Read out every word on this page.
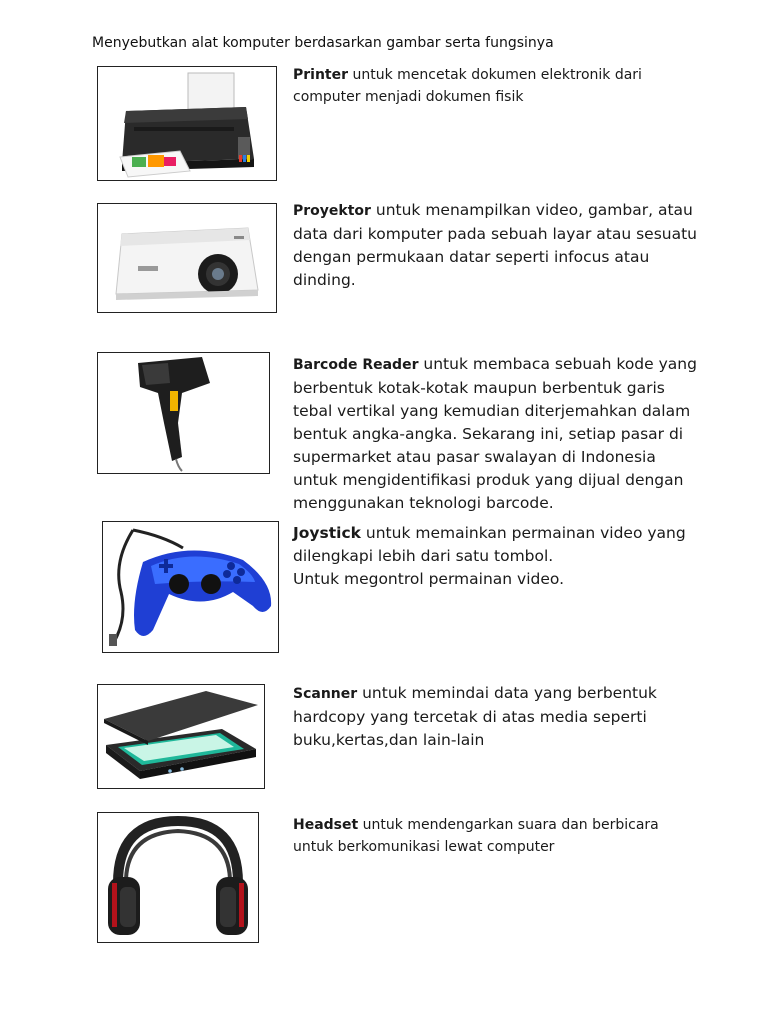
Menyebutkan alat komputer berdasarkan gambar serta fungsinya
Printer untuk mencetak dokumen elektronik dari
computer menjadi dokumen fisik
Proyektor untuk menampilkan video, gambar, atau
data dari komputer pada sebuah layar atau sesuatu
dengan permukaan datar seperti infocus atau
dinding.
Barcode Reader untuk membaca sebuah kode yang
berbentuk kotak-kotak maupun berbentuk garis
tebal vertikal yang kemudian diterjemahkan dalam
bentuk angka-angka. Sekarang ini, setiap pasar di
supermarket atau pasar swalayan di Indonesia
untuk mengidentifikasi produk yang dijual dengan
menggunakan teknologi barcode.
Joystick untuk memainkan permainan video yang
dilengkapi lebih dari satu tombol.
Untuk megontrol permainan video.
Scanner untuk memindai data yang berbentuk
hardcopy yang tercetak di atas media seperti
buku,kertas,dan lain-lain
Headset untuk mendengarkan suara dan berbicara
untuk berkomunikasi lewat computer
